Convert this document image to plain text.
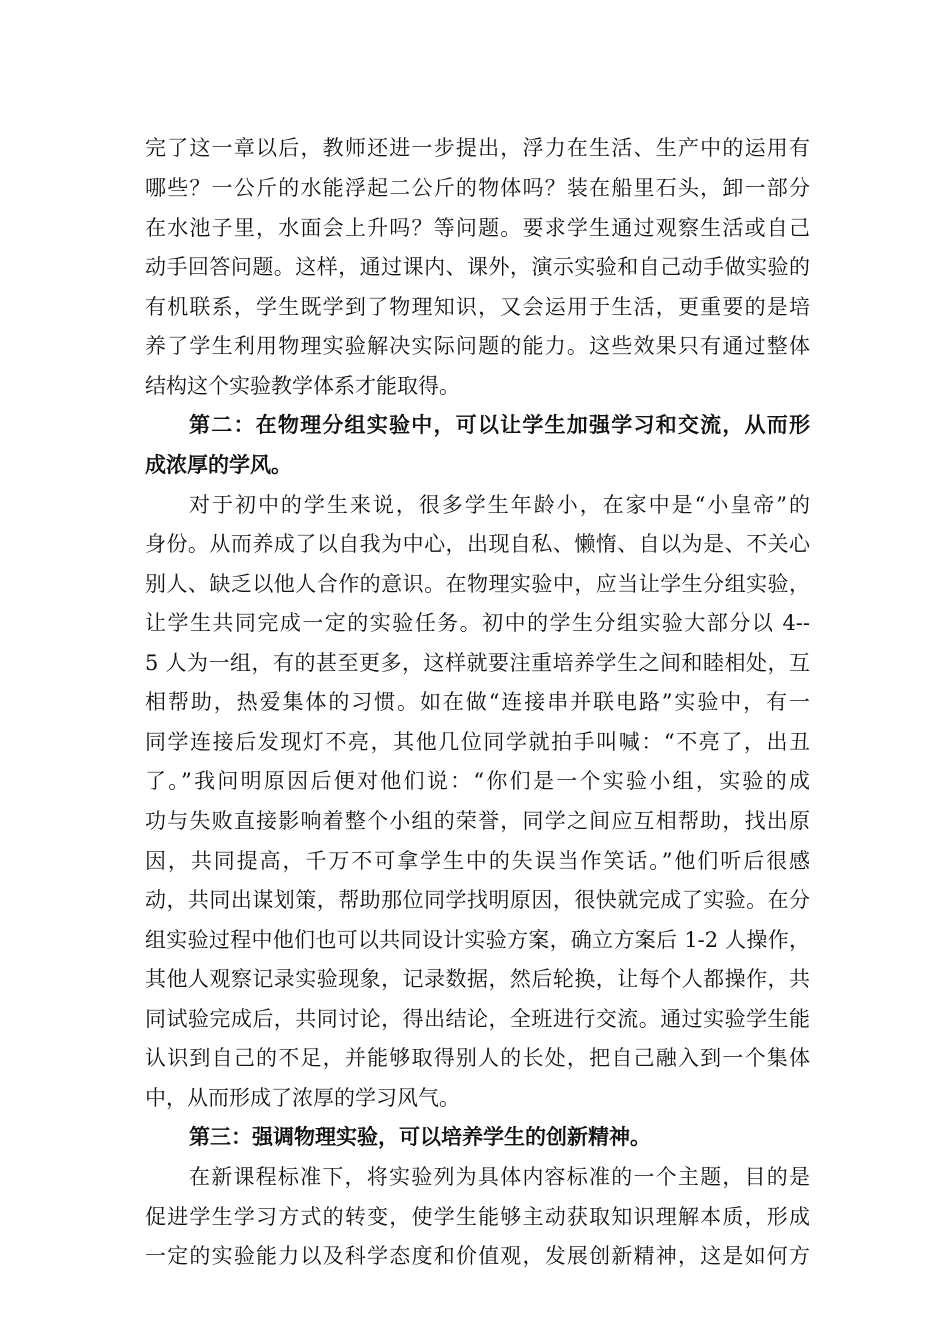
完了这一章以后，教师还进一步提出，浮力在生活、生产中的运用有
哪些？一公斤的水能浮起二公斤的物体吗？装在船里石头，卸一部分
在水池子里，水面会上升吗？等问题。要求学生通过观察生活或自己
动手回答问题。这样，通过课内、课外，演示实验和自己动手做实验的
有机联系，学生既学到了物理知识，又会运用于生活，更重要的是培
养了学生利用物理实验解决实际问题的能力。这些效果只有通过整体
结构这个实验教学体系才能取得。
第二：在物理分组实验中，可以让学生加强学习和交流，从而形
成浓厚的学风。
对于初中的学生来说，很多学生年龄小，在家中是“小皇帝”的
身份。从而养成了以自我为中心，出现自私、懒惰、自以为是、不关心
别人、缺乏以他人合作的意识。在物理实验中，应当让学生分组实验，
让学生共同完成一定的实验任务。初中的学生分组实验大部分以 4--
5 人为一组，有的甚至更多，这样就要注重培养学生之间和睦相处，互
相帮助，热爱集体的习惯。如在做“连接串并联电路”实验中，有一
同学连接后发现灯不亮，其他几位同学就拍手叫喊：“不亮了，出丑
了。”我问明原因后便对他们说：“你们是一个实验小组，实验的成
功与失败直接影响着整个小组的荣誉，同学之间应互相帮助，找出原
因，共同提高，千万不可拿学生中的失误当作笑话。”他们听后很感
动，共同出谋划策，帮助那位同学找明原因，很快就完成了实验。在分
组实验过程中他们也可以共同设计实验方案，确立方案后 1-2 人操作，
其他人观察记录实验现象，记录数据，然后轮换，让每个人都操作，共
同试验完成后，共同讨论，得出结论，全班进行交流。通过实验学生能
认识到自己的不足，并能够取得别人的长处，把自己融入到一个集体
中，从而形成了浓厚的学习风气。
第三：强调物理实验，可以培养学生的创新精神。
在新课程标准下，将实验列为具体内容标准的一个主题，目的是
促进学生学习方式的转变，使学生能够主动获取知识理解本质，形成
一定的实验能力以及科学态度和价值观，发展创新精神，这是如何方
